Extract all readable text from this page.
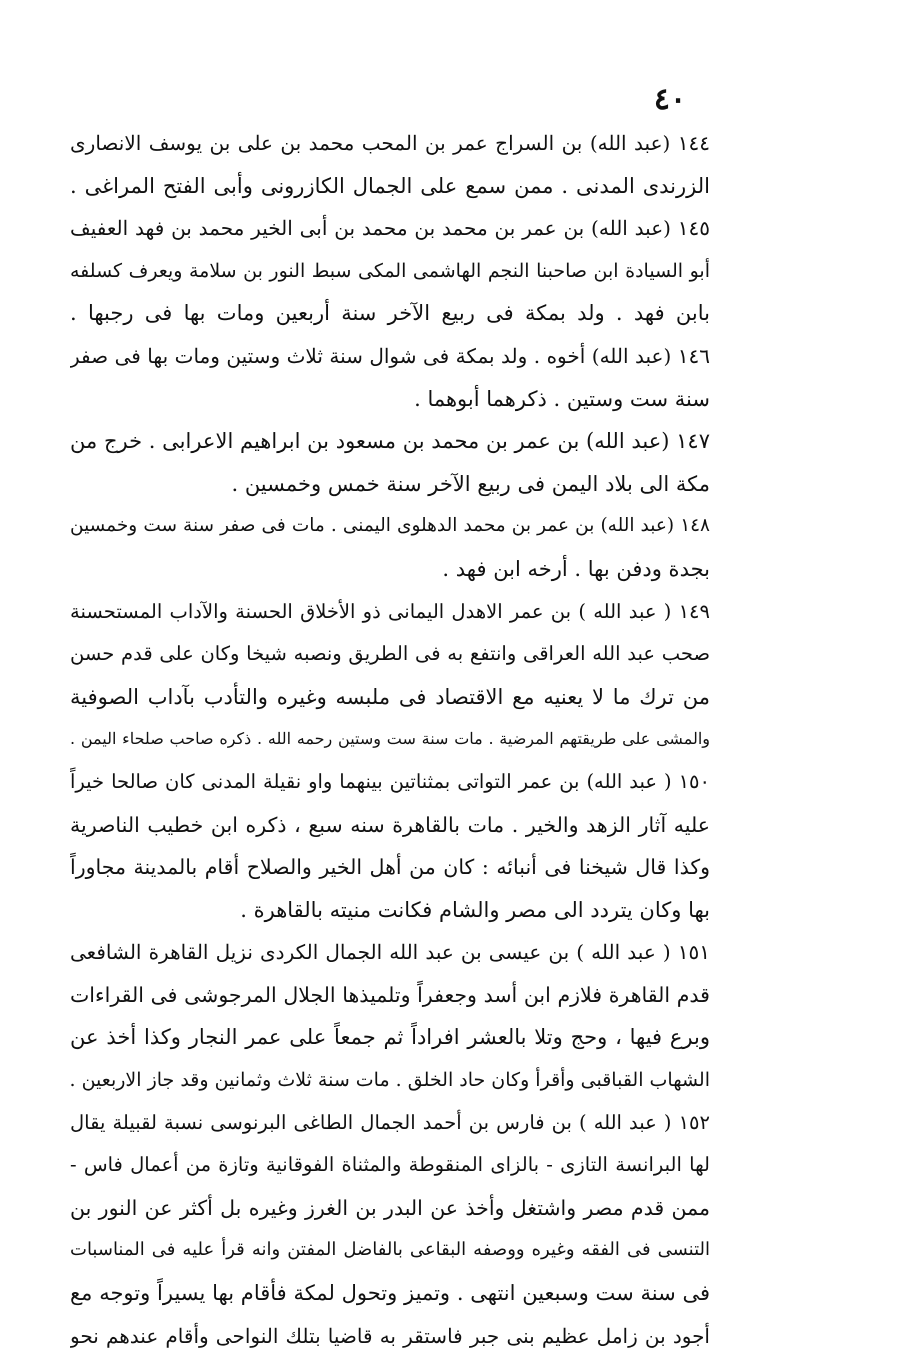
٤٠
١٤٤ (عبد الله) بن السراج عمر بن المحب محمد بن على بن يوسف الانصارى
الزرندى المدنى . ممن سمع على الجمال الكازرونى وأبى الفتح المراغى .
١٤٥ (عبد الله) بن عمر بن محمد بن محمد بن أبى الخير محمد بن فهد العفيف
أبو السيادة ابن صاحبنا النجم الهاشمى المكى سبط النور بن سلامة ويعرف كسلفه
بابن فهد . ولد بمكة فى ربيع الآخر سنة أربعين ومات بها فى رجبها .
١٤٦ (عبد الله) أخوه . ولد بمكة فى شوال سنة ثلاث وستين ومات بها فى صفر
سنة ست وستين . ذكرهما أبوهما .
١٤٧ (عبد الله) بن عمر بن محمد بن مسعود بن ابراهيم الاعرابى . خرج من
مكة الى بلاد اليمن فى ربيع الآخر سنة خمس وخمسين .
١٤٨ (عبد الله) بن عمر بن محمد الدهلوى اليمنى . مات فى صفر سنة ست وخمسين
بجدة ودفن بها . أرخه ابن فهد .
١٤٩ ( عبد الله ) بن عمر الاهدل اليمانى ذو الأخلاق الحسنة والآداب المستحسنة
صحب عبد الله العراقى وانتفع به فى الطريق ونصبه شيخا وكان على قدم حسن
من ترك ما لا يعنيه مع الاقتصاد فى ملبسه وغيره والتأدب بآداب الصوفية
والمشى على طريقتهم المرضية . مات سنة ست وستين رحمه الله . ذكره صاحب صلحاء اليمن .
١٥٠ ( عبد الله) بن عمر التواتى بمثناتين بينهما واو نقيلة المدنى كان صالحا خيراً
عليه آثار الزهد والخير . مات بالقاهرة سنه سبع ، ذكره ابن خطيب الناصرية
وكذا قال شيخنا فى أنبائه : كان من أهل الخير والصلاح أقام بالمدينة مجاوراً
بها وكان يتردد الى مصر والشام فكانت منيته بالقاهرة .
١٥١ ( عبد الله ) بن عيسى بن عبد الله الجمال الكردى نزيل القاهرة الشافعى
قدم القاهرة فلازم ابن أسد وجعفراً وتلميذها الجلال المرجوشى فى القراءات
وبرع فيها ، وحج وتلا بالعشر افراداً ثم جمعاً على عمر النجار وكذا أخذ عن
الشهاب القباقبى وأقرأ وكان حاد الخلق . مات سنة ثلاث وثمانين وقد جاز الاربعين .
١٥٢ ( عبد الله ) بن فارس بن أحمد الجمال الطاغى البرنوسى نسبة لقبيلة يقال
لها البرانسة التازى - بالزاى المنقوطة والمثناة الفوقانية وتازة من أعمال فاس -
ممن قدم مصر واشتغل وأخذ عن البدر بن الغرز وغيره بل أكثر عن النور بن
التنسى فى الفقه وغيره ووصفه البقاعى بالفاضل المفتن وانه قرأ عليه فى المناسبات
فى سنة ست وسبعين انتهى . وتميز وتحول لمكة فأقام بها يسيراً وتوجه مع
أجود بن زامل عظيم بنى جبر فاستقر به قاضيا بتلك النواحى وأقام عندهم نحو
